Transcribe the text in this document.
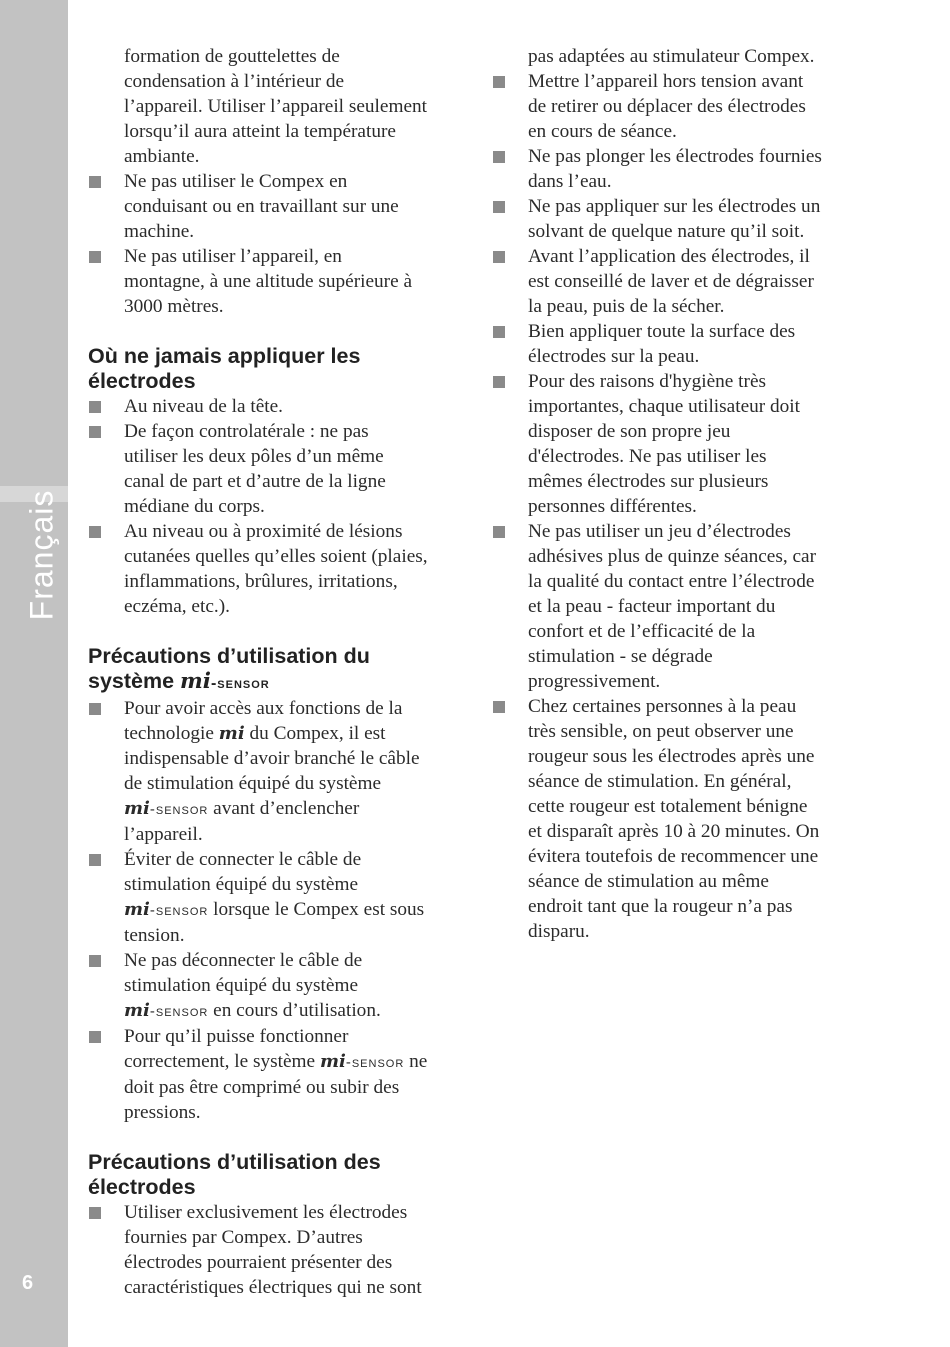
Français
6

formation de gouttelettes de

condensation à l’intérieur de

l’appareil. Utiliser l’appareil seulement

lorsqu’il aura atteint la température

ambiante.

Ne pas utiliser le Compex en
conduisant ou en travaillant sur une
machine.
Ne pas utiliser l’appareil, en
montagne, à une altitude supérieure à
3000 mètres.
Où ne jamais appliquer les
électrodes
Au niveau de la tête.
De façon controlatérale : ne pas
utiliser les deux pôles d’un même
canal de part et d’autre de la ligne
médiane du corps.
Au niveau ou à proximité de lésions
cutanées quelles qu’elles soient (plaies,
inflammations, brûlures, irritations,
eczéma, etc.).
Précautions d’utilisation du
système mi-sensor
Pour avoir accès aux fonctions de la
technologie mi du Compex, il est
indispensable d’avoir branché le câble
de stimulation équipé du système
mi-sensor avant d’enclencher
l’appareil.
Éviter de connecter le câble de
stimulation équipé du système
mi-sensor lorsque le Compex est sous
tension.
Ne pas déconnecter le câble de
stimulation équipé du système
mi-sensor en cours d’utilisation.
Pour qu’il puisse fonctionner
correctement, le système mi-sensor ne
doit pas être comprimé ou subir des
pressions.
Précautions d’utilisation des
électrodes
Utiliser exclusivement les électrodes
fournies par Compex. D’autres
électrodes pourraient présenter des
caractéristiques électriques qui ne sont

pas adaptées au stimulateur Compex.

Mettre l’appareil hors tension avant
de retirer ou déplacer des électrodes
en cours de séance.
Ne pas plonger les électrodes fournies
dans l’eau.
Ne pas appliquer sur les électrodes un
solvant de quelque nature qu’il soit.
Avant l’application des électrodes, il
est conseillé de laver et de dégraisser
la peau, puis de la sécher.
Bien appliquer toute la surface des
électrodes sur la peau.
Pour des raisons d'hygiène très
importantes, chaque utilisateur doit
disposer de son propre jeu
d'électrodes. Ne pas utiliser les
mêmes électrodes sur plusieurs
personnes différentes.
Ne pas utiliser un jeu d’électrodes
adhésives plus de quinze séances, car
la qualité du contact entre l’électrode
et la peau - facteur important du
confort et de l’efficacité de la
stimulation - se dégrade
progressivement.
Chez certaines personnes à la peau
très sensible, on peut observer une
rougeur sous les électrodes après une
séance de stimulation. En général,
cette rougeur est totalement bénigne
et disparaît après 10 à 20 minutes. On
évitera toutefois de recommencer une
séance de stimulation au même
endroit tant que la rougeur n’a pas
disparu.
